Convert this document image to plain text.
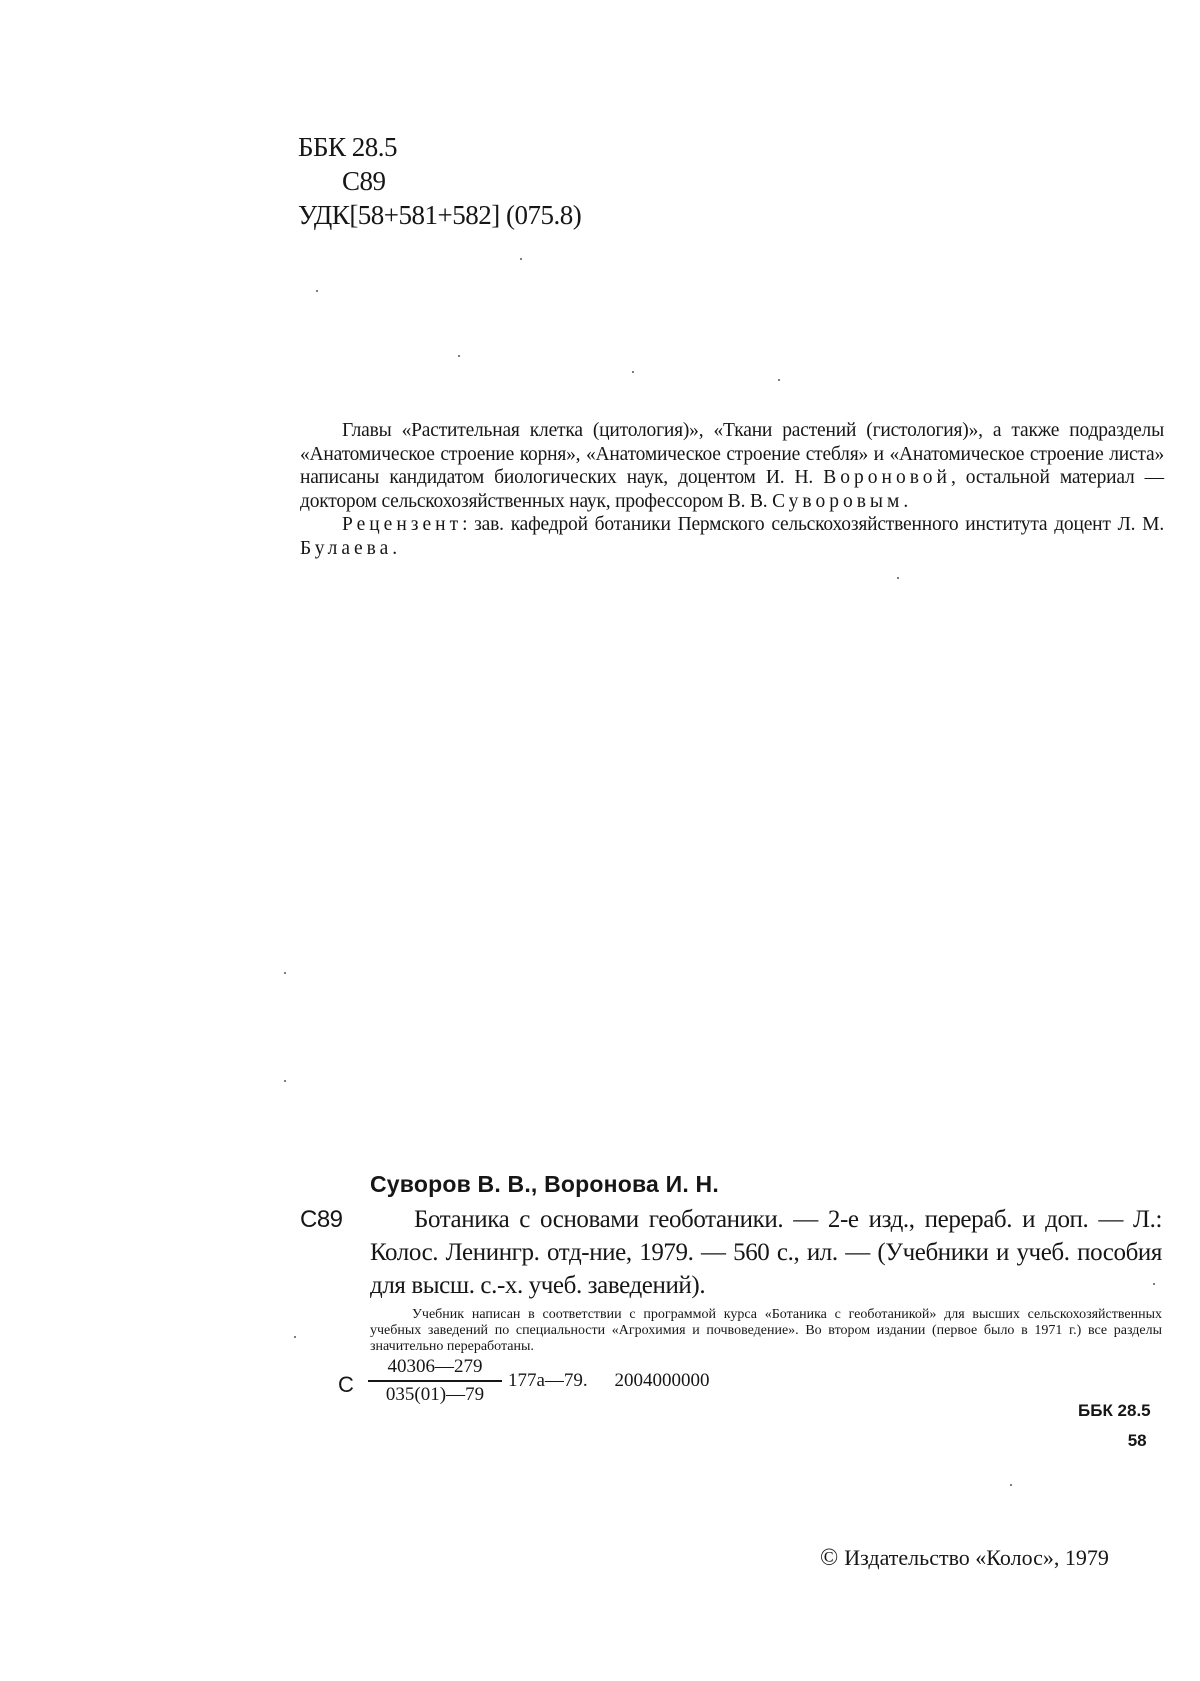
ББК 28.5
С89
УДК[58+581+582] (075.8)

Главы «Растительная клетка (цитология)», «Ткани растений (гистология)», а также подразделы «Анатомическое строение корня», «Анатомическое строение стебля» и «Анатомическое строение листа» написаны кандидатом биологических наук, доцентом И. Н. Вороновой, остальной материал — доктором сельскохозяйственных наук, профессором В. В. Суворовым.

Рецензент: зав. кафедрой ботаники Пермского сельскохозяйственного института доцент Л. М. Булаева.

Суворов В. В., Воронова И. Н.
С89	Ботаника с основами геоботаники. — 2-е изд., перераб. и доп. — Л.: Колос. Ленингр. отд-ние, 1979. — 560 с., ил. — (Учебники и учеб. пособия для высш. с.-х. учеб. заведений).

Учебник написан в соответствии с программой курса «Ботаника с геоботаникой» для высших сельскохозяйственных учебных заведений по специальности «Агрохимия и почвоведение». Во втором издании (первое было в 1971 г.) все разделы значительно переработаны.

С
40306—279
035(01)—79
177а—79. 2004000000
ББК 28.5
58
© Издательство «Колос», 1979
